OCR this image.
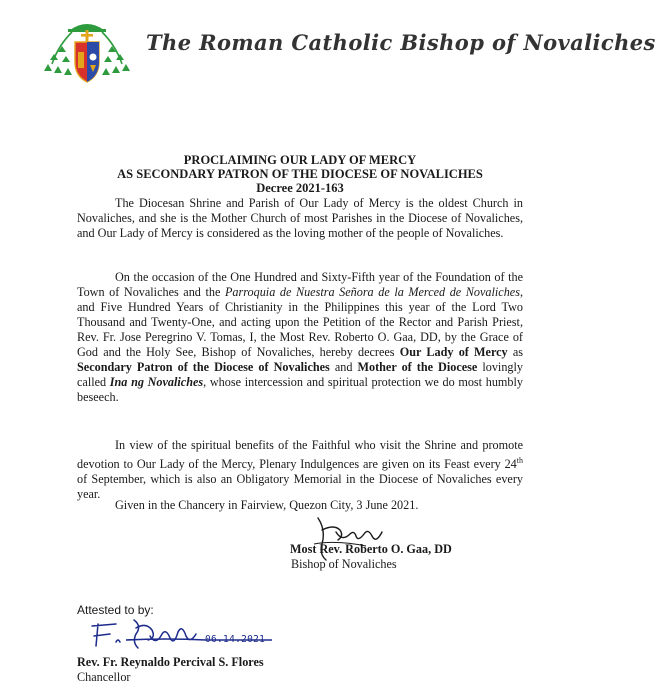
The Roman Catholic Bishop of Novaliches
PROCLAIMING OUR LADY OF MERCY
AS SECONDARY PATRON OF THE DIOCESE OF NOVALICHES
Decree 2021-163

The Diocesan Shrine and Parish of Our Lady of Mercy is the oldest Church in Novaliches, and she is the Mother Church of most Parishes in the Diocese of Novaliches, and Our Lady of Mercy is considered as the loving mother of the people of Novaliches.

On the occasion of the One Hundred and Sixty-Fifth year of the Foundation of the Town of Novaliches and the Parroquia de Nuestra Señora de la Merced de Novaliches, and Five Hundred Years of Christianity in the Philippines this year of the Lord Two Thousand and Twenty-One, and acting upon the Petition of the Rector and Parish Priest, Rev. Fr. Jose Peregrino V. Tomas, I, the Most Rev. Roberto O. Gaa, DD, by the Grace of God and the Holy See, Bishop of Novaliches, hereby decrees Our Lady of Mercy as Secondary Patron of the Diocese of Novaliches and Mother of the Diocese lovingly called Ina ng Novaliches, whose intercession and spiritual protection we do most humbly beseech.

In view of the spiritual benefits of the Faithful who visit the Shrine and promote devotion to Our Lady of the Mercy, Plenary Indulgences are given on its Feast every 24th of September, which is also an Obligatory Memorial in the Diocese of Novaliches every year.

Given in the Chancery in Fairview, Quezon City, 3 June 2021.

Most Rev. Roberto O. Gaa, DD
Bishop of Novaliches
Attested to by:
06.14.2021
Rev. Fr. Reynaldo Percival S. Flores
Chancellor
